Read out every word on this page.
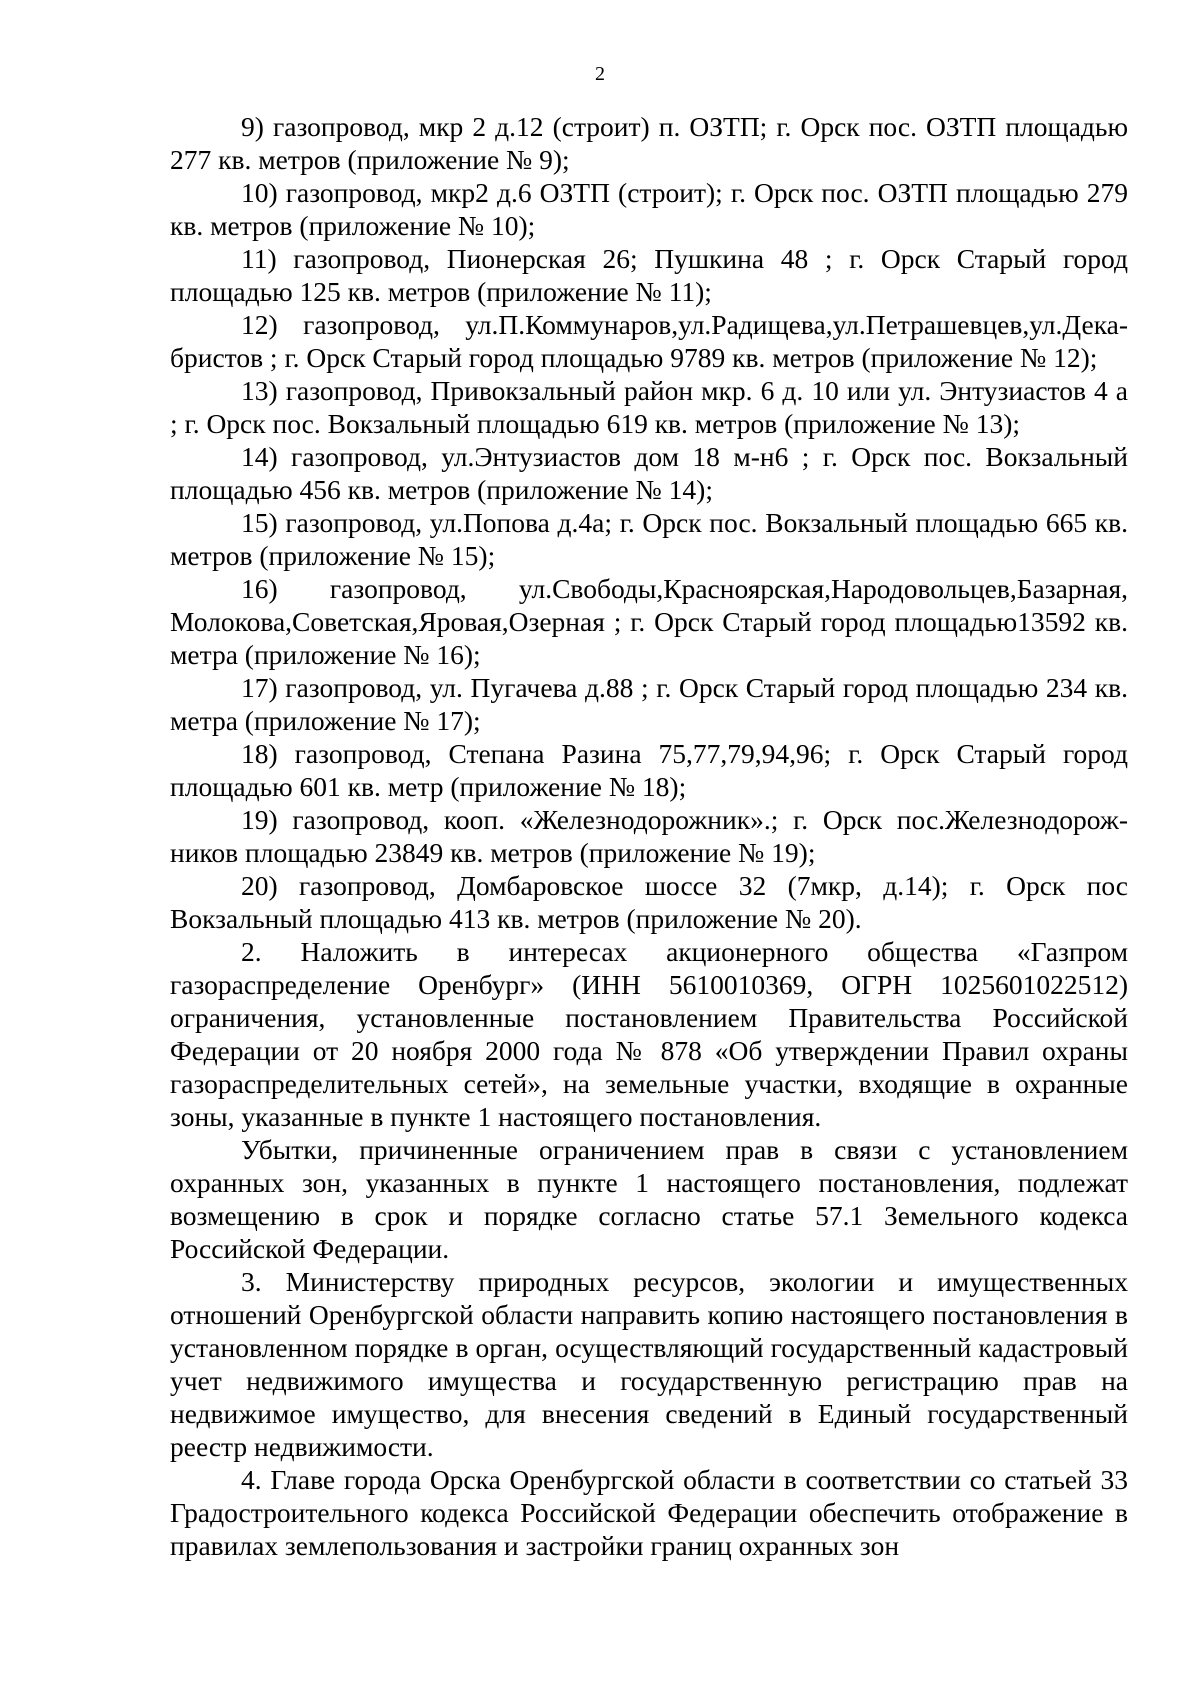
2

9) газопровод, мкр 2 д.12 (строит) п. ОЗТП; г. Орск пос. ОЗТП площадью 277 кв. метров (приложение № 9);

10) газопровод, мкр2 д.6 ОЗТП (строит); г. Орск пос. ОЗТП площадью 279 кв. метров (приложение № 10);

11) газопровод, Пионерская 26; Пушкина 48 ; г. Орск Старый город площадью 125 кв. метров (приложение № 11);

12) газопровод, ул.П.Коммунаров,ул.Радищева,ул.Петрашевцев,ул.Дека-бристов ; г. Орск Старый город площадью 9789 кв. метров (приложение № 12);

13) газопровод, Привокзальный район мкр. 6 д. 10 или ул. Энтузиастов 4 а ; г. Орск пос. Вокзальный площадью 619 кв. метров (приложение № 13);

14) газопровод, ул.Энтузиастов дом 18 м-н6 ; г. Орск пос. Вокзальный площадью 456 кв. метров (приложение № 14);

15) газопровод, ул.Попова д.4а; г. Орск пос. Вокзальный площадью 665 кв. метров (приложение № 15);

16) газопровод, ул.Свободы,Красноярская,Народовольцев,Базарная, Молокова,Советская,Яровая,Озерная ; г. Орск Старый город площадью13592 кв. метра (приложение № 16);

17) газопровод, ул. Пугачева д.88 ; г. Орск Старый город площадью 234 кв. метра (приложение № 17);

18) газопровод, Степана Разина 75,77,79,94,96; г. Орск Старый город площадью 601 кв. метр (приложение № 18);

19) газопровод, кооп. «Железнодорожник».; г. Орск пос.Железнодорож-ников площадью 23849 кв. метров (приложение № 19);

20) газопровод, Домбаровское шоссе 32 (7мкр, д.14); г. Орск пос Вокзальный площадью 413 кв. метров (приложение № 20).

2. Наложить в интересах акционерного общества «Газпром газораспределение Оренбург» (ИНН 5610010369, ОГРН 1025601022512) ограничения, установленные постановлением Правительства Российской Федерации от 20 ноября 2000 года № 878 «Об утверждении Правил охраны газораспределительных сетей», на земельные участки, входящие в охранные зоны, указанные в пункте 1 настоящего постановления.

Убытки, причиненные ограничением прав в связи с установлением охранных зон, указанных в пункте 1 настоящего постановления, подлежат возмещению в срок и порядке согласно статье 57.1 Земельного кодекса Российской Федерации.

3. Министерству природных ресурсов, экологии и имущественных отношений Оренбургской области направить копию настоящего постановления в установленном порядке в орган, осуществляющий государственный кадастровый учет недвижимого имущества и государственную регистрацию прав на недвижимое имущество, для внесения сведений в Единый государственный реестр недвижимости.

4. Главе города Орска Оренбургской области в соответствии со статьей 33 Градостроительного кодекса Российской Федерации обеспечить отображение в правилах землепользования и застройки границ охранных зон
